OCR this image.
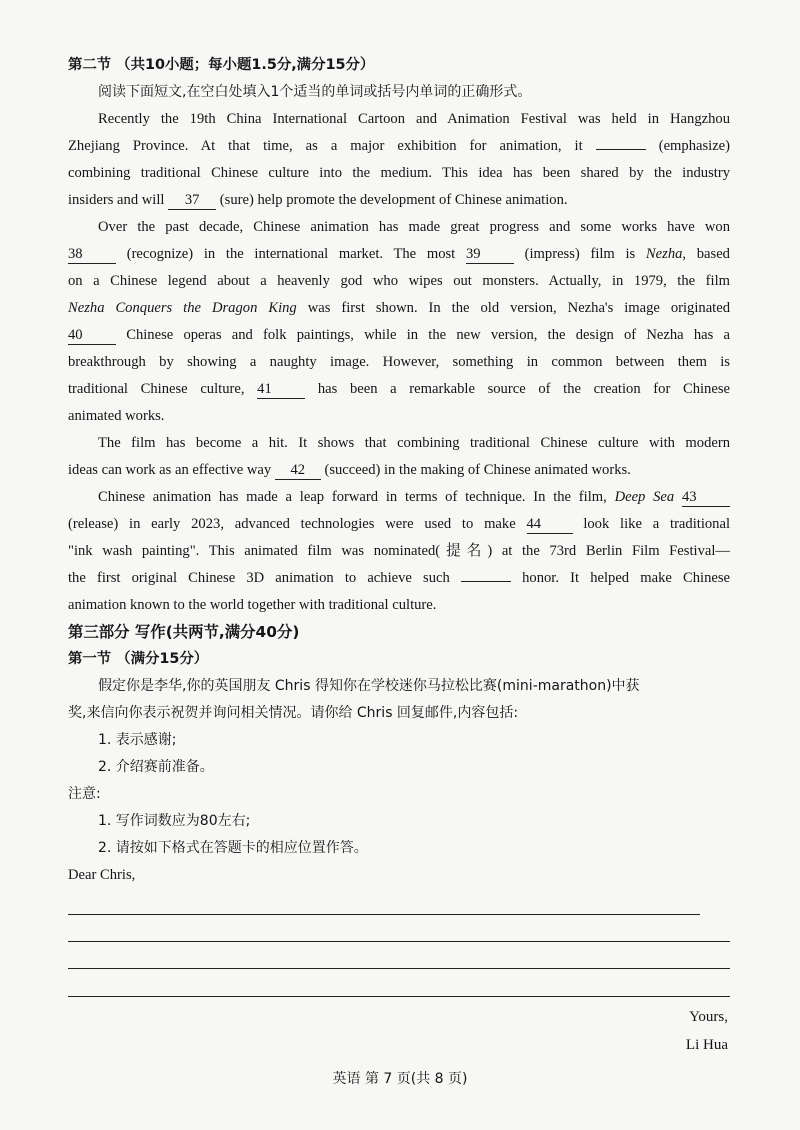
第二节 （共10小题；每小题1.5分,满分15分）
阅读下面短文,在空白处填入1个适当的单词或括号内单词的正确形式。
Recently the 19th China International Cartoon and Animation Festival was held in Hangzhou
Zhejiang Province. At that time, as a major exhibition for animation, it	(emphasize)
combining traditional Chinese culture into the medium. This idea has been shared by the industry
insiders and will 37 (sure) help promote the development of Chinese animation.
Over the past decade, Chinese animation has made great progress and some works have won
38	(recognize) in the international market. The most 39	(impress) film is Nezha, based
on a Chinese legend about a heavenly god who wipes out monsters. Actually, in 1979, the film
Nezha Conquers the Dragon King was first shown. In the old version, Nezha's image originated
40	Chinese operas and folk paintings, while in the new version, the design of Nezha has a
breakthrough by showing a naughty image. However, something in common between them is
traditional Chinese culture, 41	has been a remarkable source of the creation for Chinese
animated works.
The film has become a hit. It shows that combining traditional Chinese culture with modern
ideas can work as an effective way 42 (succeed) in the making of Chinese animated works.
Chinese animation has made a leap forward in terms of technique. In the film, Deep Sea 43
(release) in early 2023, advanced technologies were used to make 44	look like a traditional
"ink wash painting". This animated film was nominated(提名) at the 73rd Berlin Film Festival—
the first original Chinese 3D animation to achieve such	honor. It helped make Chinese
animation known to the world together with traditional culture.
第三部分 写作(共两节,满分40分)
第一节 （满分15分）
假定你是李华,你的英国朋友 Chris 得知你在学校迷你马拉松比赛(mini-marathon)中获
奖,来信向你表示祝贺并询问相关情况。请你给 Chris 回复邮件,内容包括:
1. 表示感谢;
2. 介绍赛前准备。
注意:
1. 写作词数应为80左右;
2. 请按如下格式在答题卡的相应位置作答。
Dear Chris,
Yours,
Li Hua
英语 第 7 页(共 8 页)
